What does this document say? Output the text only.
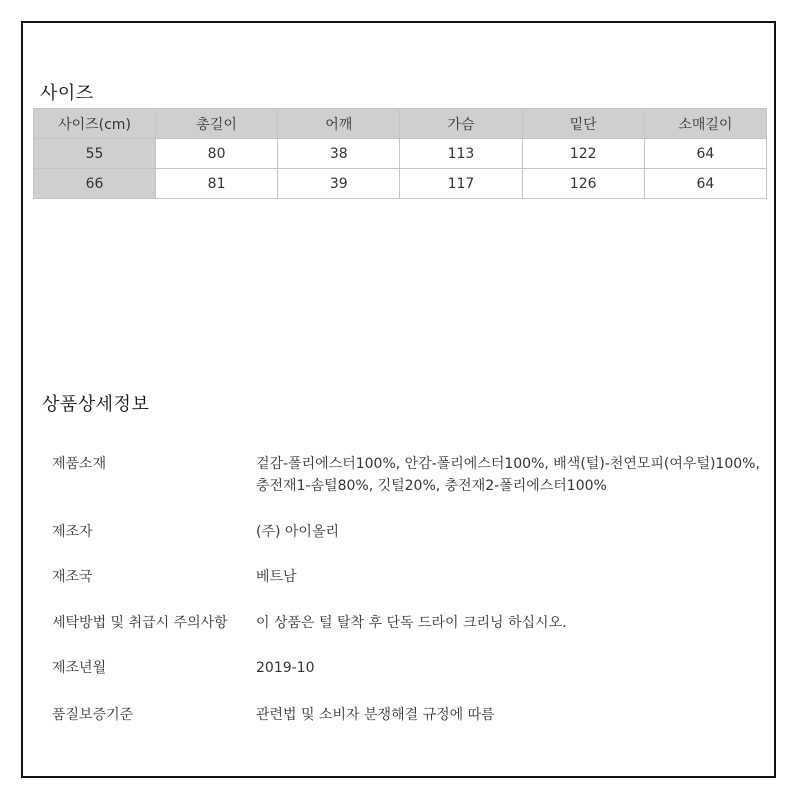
사이즈
사이즈(cm)	총길이	어깨	가슴	밑단	소매길이
55	80	38	113	122	64
66	81	39	117	126	64
상품상세정보
제품소재	겉감-폴리에스터100%, 안감-폴리에스터100%, 배색(털)-천연모피(여우털)100%,
충전재1-솜털80%, 깃털20%, 충전재2-폴리에스터100%
제조자	(주) 아이올리
재조국	베트남
세탁방법 및 취급시 주의사항	이 상품은 털 탈착 후 단독 드라이 크리닝 하십시오.
제조년월	2019-10
품질보증기준	관련법 및 소비자 분쟁해결 규정에 따름
